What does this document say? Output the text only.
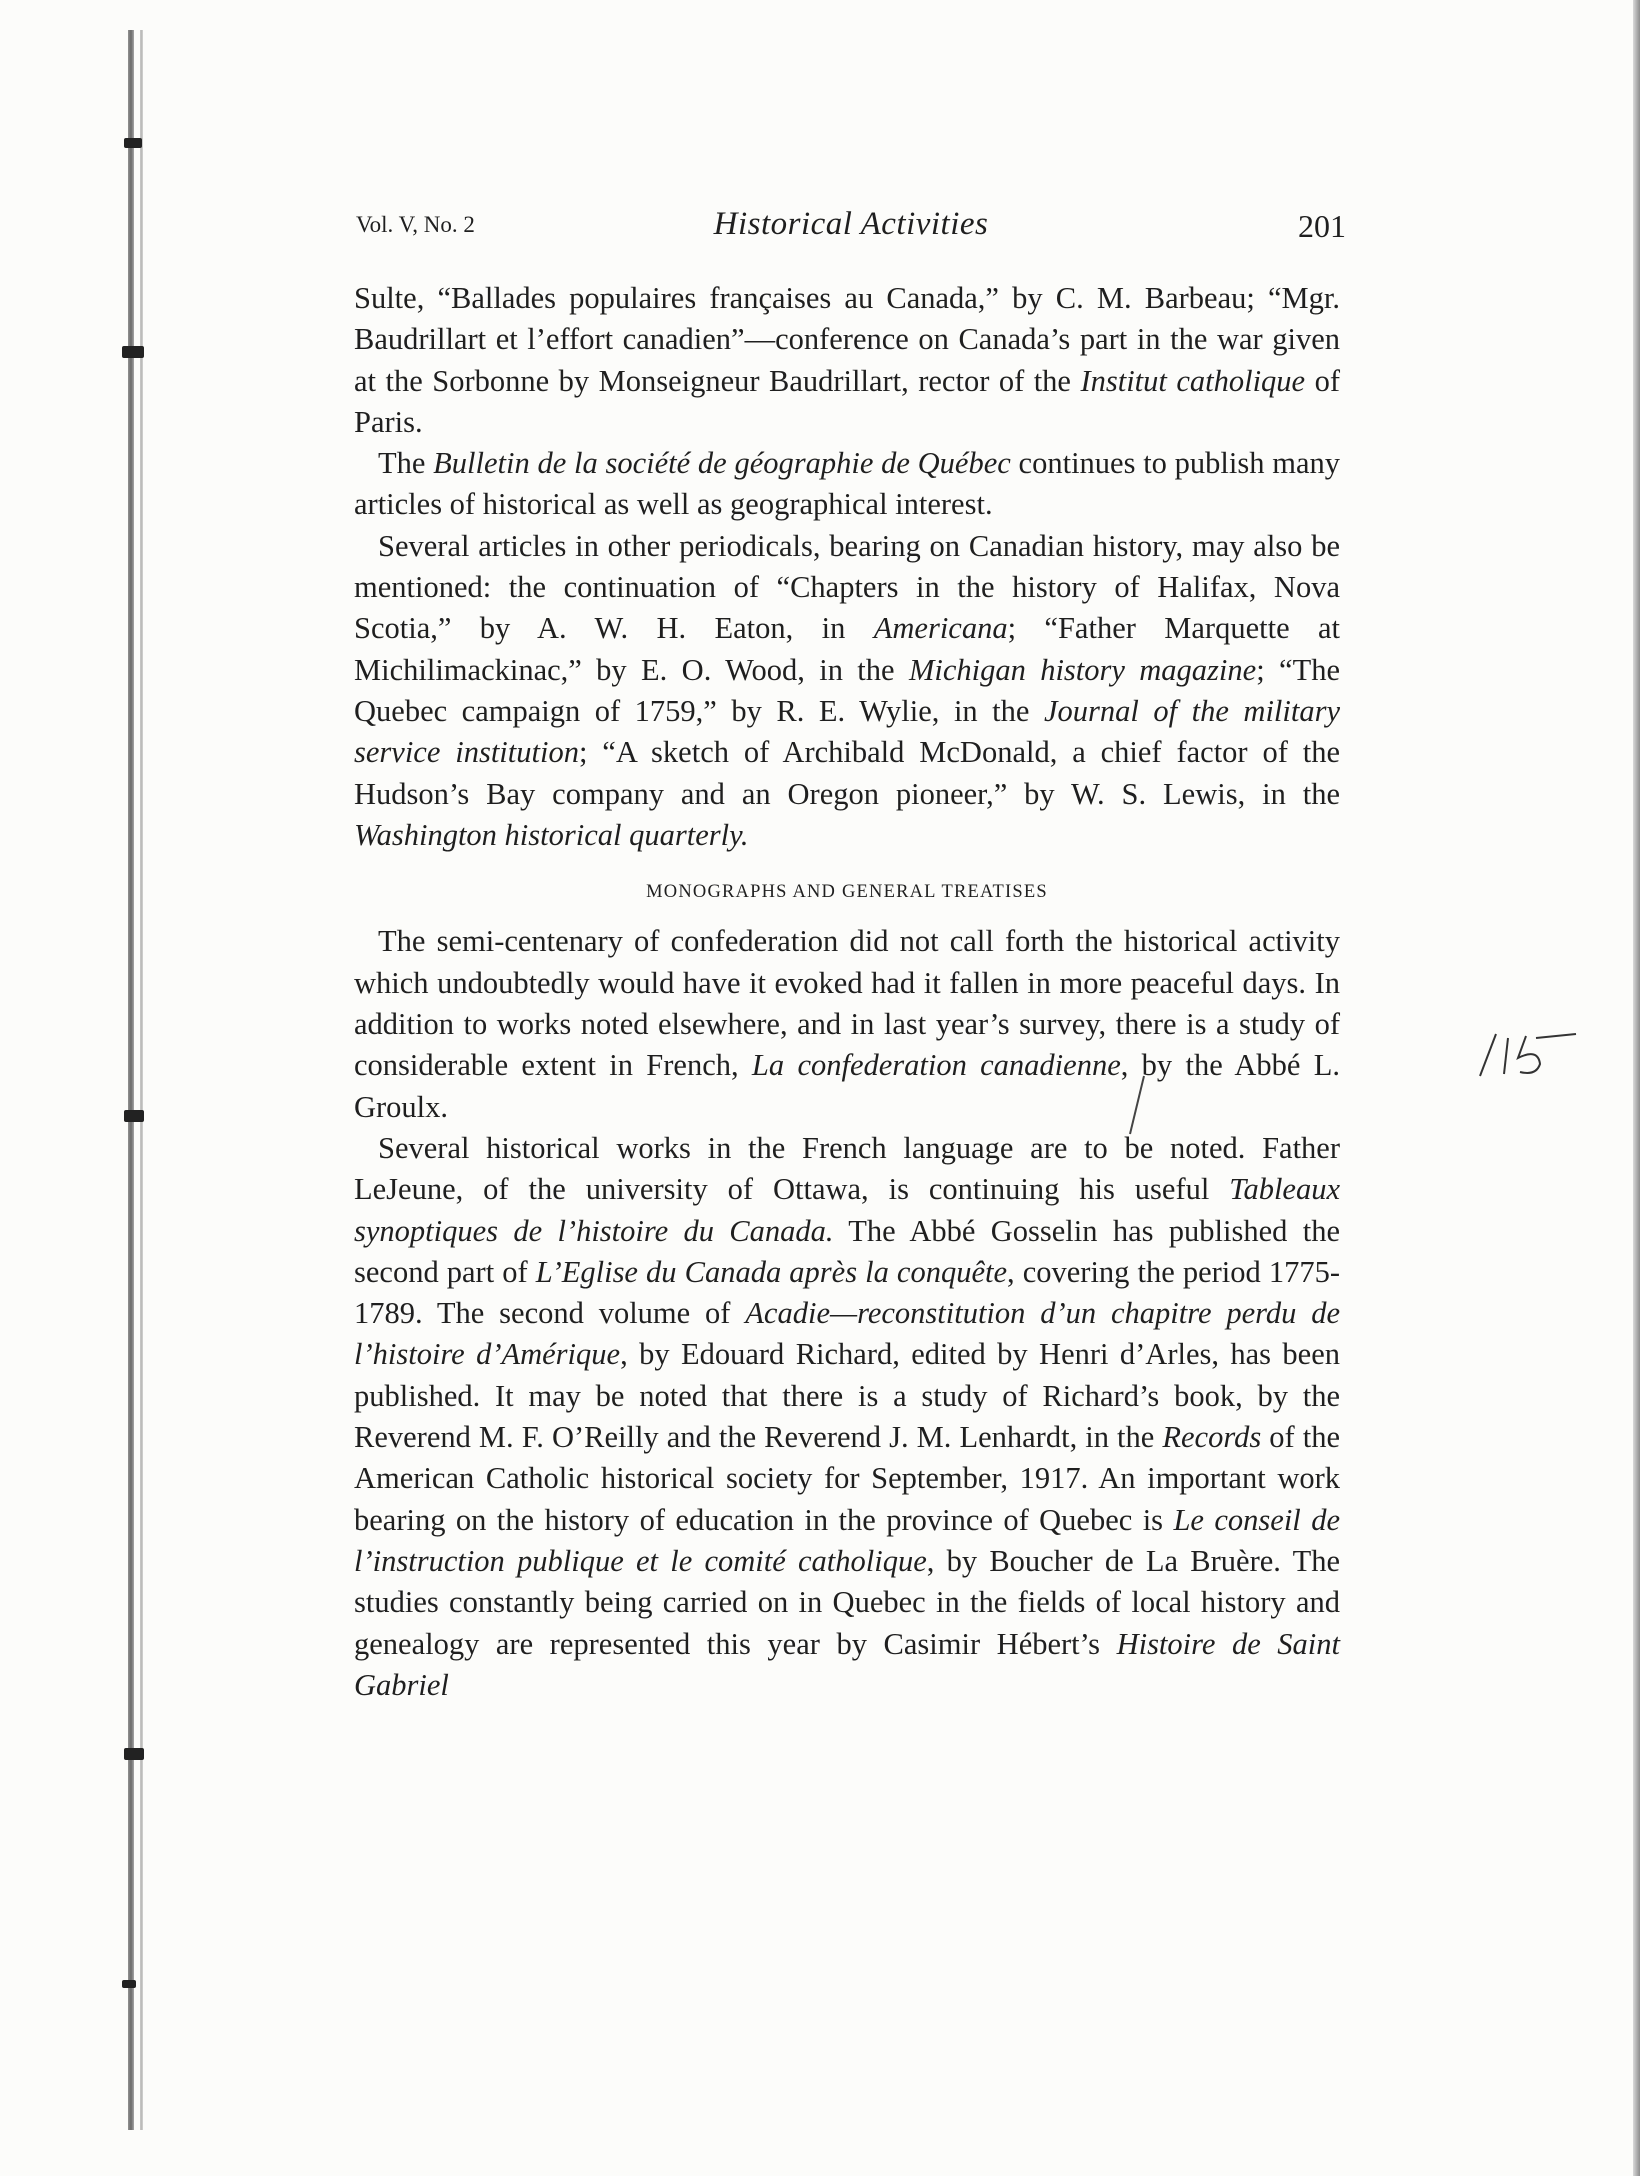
Vol. V, No. 2	Historical Activities	201

Sulte, “Ballades populaires françaises au Canada,” by C. M. Barbeau; “Mgr. Baudrillart et l’effort canadien”—conference on Canada’s part in the war given at the Sorbonne by Monseigneur Baudrillart, rector of the Institut catholique of Paris.

The Bulletin de la société de géographie de Québec continues to publish many articles of historical as well as geographical interest.

Several articles in other periodicals, bearing on Canadian history, may also be mentioned: the continuation of “Chapters in the history of Halifax, Nova Scotia,” by A. W. H. Eaton, in Americana; “Father Marquette at Michilimackinac,” by E. O. Wood, in the Michigan history magazine; “The Quebec campaign of 1759,” by R. E. Wylie, in the Journal of the military service institution; “A sketch of Archibald McDonald, a chief factor of the Hudson’s Bay company and an Oregon pioneer,” by W. S. Lewis, in the Washington historical quarterly.

MONOGRAPHS AND GENERAL TREATISES

The semi-centenary of confederation did not call forth the historical activity which undoubtedly would have it evoked had it fallen in more peaceful days. In addition to works noted elsewhere, and in last year’s survey, there is a study of considerable extent in French, La confederation canadienne, by the Abbé L. Groulx.

Several historical works in the French language are to be noted. Father LeJeune, of the university of Ottawa, is continuing his useful Tableaux synoptiques de l’histoire du Canada. The Abbé Gosselin has published the second part of L’Eglise du Canada après la conquête, covering the period 1775-1789. The second volume of Acadie—reconstitution d’un chapitre perdu de l’histoire d’Amérique, by Edouard Richard, edited by Henri d’Arles, has been published. It may be noted that there is a study of Richard’s book, by the Reverend M. F. O’Reilly and the Reverend J. M. Lenhardt, in the Records of the American Catholic historical society for September, 1917. An important work bearing on the history of education in the province of Quebec is Le conseil de l’instruction publique et le comité catholique, by Boucher de La Bruère. The studies constantly being carried on in Quebec in the fields of local history and genealogy are represented this year by Casimir Hébert’s Histoire de Saint Gabriel
